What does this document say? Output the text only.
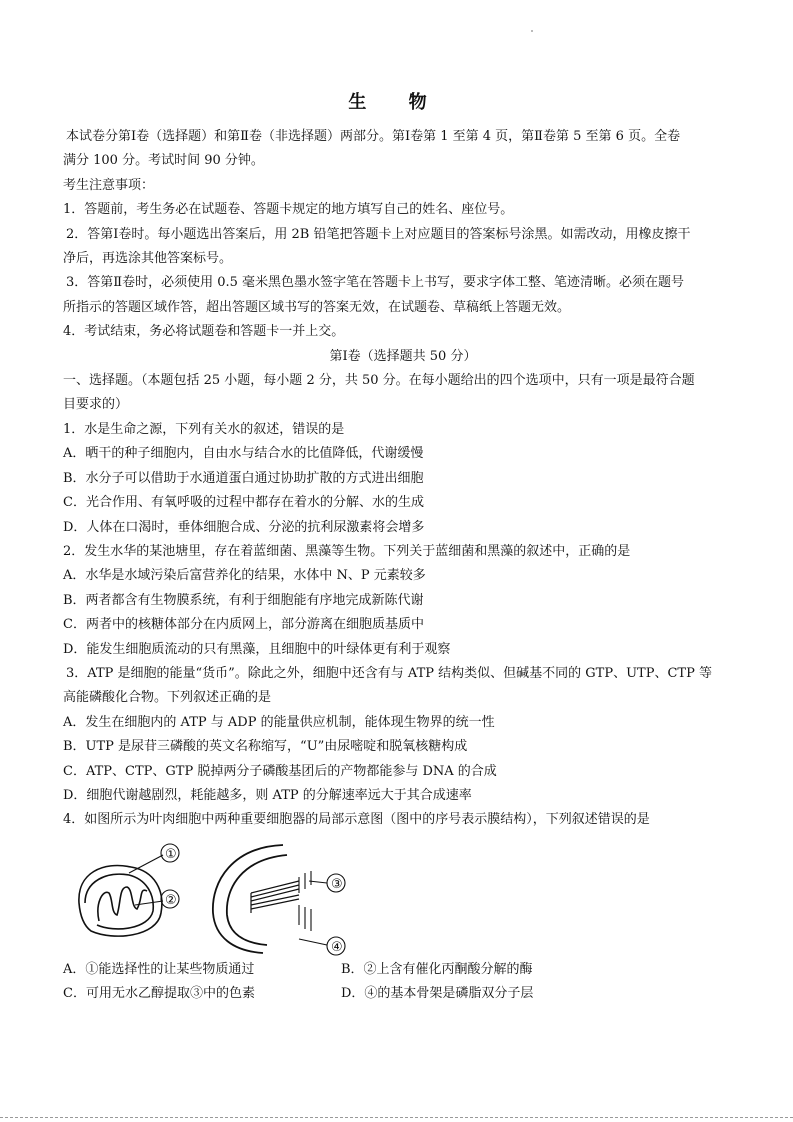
生 物

本试卷分第Ⅰ卷（选择题）和第Ⅱ卷（非选择题）两部分。第Ⅰ卷第 1 至第 4 页，第Ⅱ卷第 5 至第 6 页。全卷

满分 100 分。考试时间 90 分钟。

考生注意事项：

1．答题前，考生务必在试题卷、答题卡规定的地方填写自己的姓名、座位号。

2．答第Ⅰ卷时。每小题选出答案后，用 2B 铅笔把答题卡上对应题目的答案标号涂黑。如需改动，用橡皮擦干

净后，再选涂其他答案标号。

3．答第Ⅱ卷时，必须使用 0.5 毫米黑色墨水签字笔在答题卡上书写，要求字体工整、笔迹清晰。必须在题号

所指示的答题区域作答，超出答题区域书写的答案无效，在试题卷、草稿纸上答题无效。

4．考试结束，务必将试题卷和答题卡一并上交。

第Ⅰ卷（选择题共 50 分）

一、选择题。（本题包括 25 小题，每小题 2 分，共 50 分。在每小题给出的四个选项中，只有一项是最符合题

目要求的）

1．水是生命之源，下列有关水的叙述，错误的是

A．晒干的种子细胞内，自由水与结合水的比值降低，代谢缓慢

B．水分子可以借助于水通道蛋白通过协助扩散的方式进出细胞

C．光合作用、有氧呼吸的过程中都存在着水的分解、水的生成

D．人体在口渴时，垂体细胞合成、分泌的抗利尿激素将会增多

2．发生水华的某池塘里，存在着蓝细菌、黑藻等生物。下列关于蓝细菌和黑藻的叙述中，正确的是

A．水华是水域污染后富营养化的结果，水体中 N、P 元素较多

B．两者都含有生物膜系统，有利于细胞能有序地完成新陈代谢

C．两者中的核糖体部分在内质网上，部分游离在细胞质基质中

D．能发生细胞质流动的只有黑藻，且细胞中的叶绿体更有利于观察

3．ATP 是细胞的能量“货币”。除此之外，细胞中还含有与 ATP 结构类似、但碱基不同的 GTP、UTP、CTP 等

高能磷酸化合物。下列叙述正确的是

A．发生在细胞内的 ATP 与 ADP 的能量供应机制，能体现生物界的统一性

B．UTP 是尿苷三磷酸的英文名称缩写，“U”由尿嘧啶和脱氧核糖构成

C．ATP、CTP、GTP 脱掉两分子磷酸基团后的产物都能参与 DNA 的合成

D．细胞代谢越剧烈，耗能越多，则 ATP 的分解速率远大于其合成速率

4．如图所示为叶肉细胞中两种重要细胞器的局部示意图（图中的序号表示膜结构），下列叙述错误的是

①
②
③
④

A．①能选择性的让某些物质通过	B．②上含有催化丙酮酸分解的酶

C．可用无水乙醇提取③中的色素	D．④的基本骨架是磷脂双分子层
